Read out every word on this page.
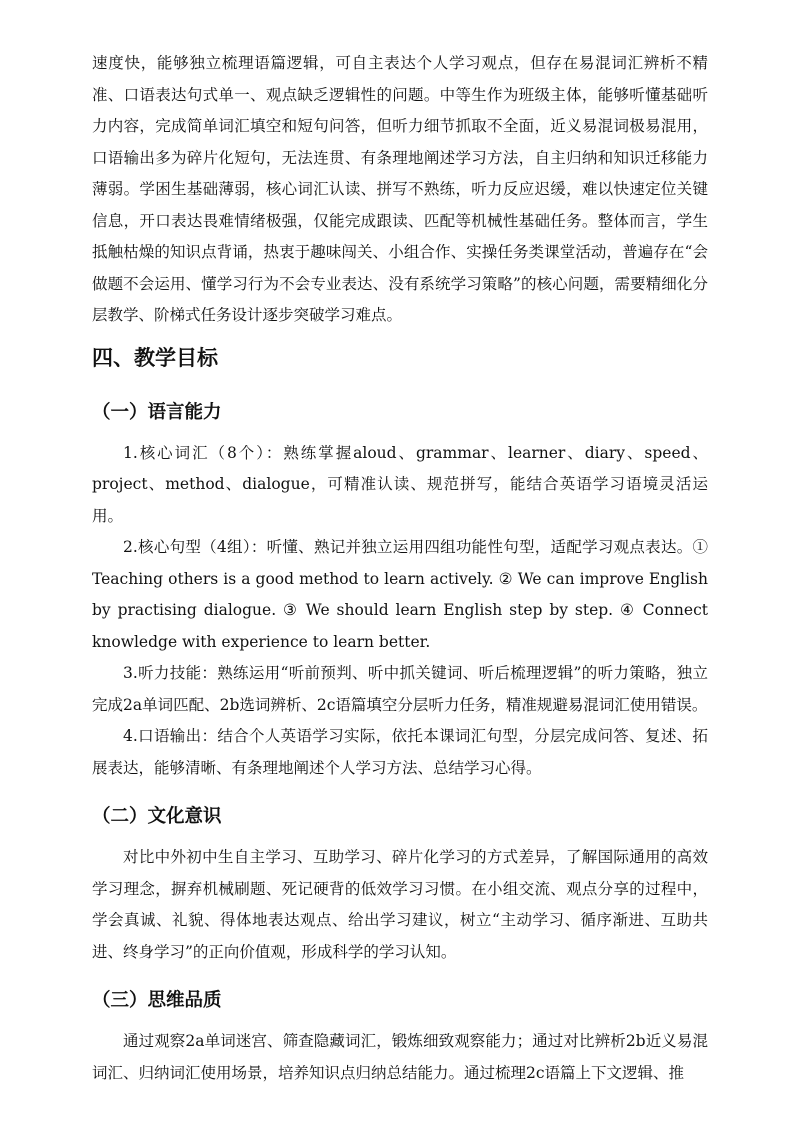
速度快，能够独立梳理语篇逻辑，可自主表达个人学习观点，但存在易混词汇辨析不精准、口语表达句式单一、观点缺乏逻辑性的问题。中等生作为班级主体，能够听懂基础听力内容，完成简单词汇填空和短句问答，但听力细节抓取不全面，近义易混词极易混用，口语输出多为碎片化短句，无法连贯、有条理地阐述学习方法，自主归纳和知识迁移能力薄弱。学困生基础薄弱，核心词汇认读、拼写不熟练，听力反应迟缓，难以快速定位关键信息，开口表达畏难情绪极强，仅能完成跟读、匹配等机械性基础任务。整体而言，学生抵触枯燥的知识点背诵，热衷于趣味闯关、小组合作、实操任务类课堂活动，普遍存在“会做题不会运用、懂学习行为不会专业表达、没有系统学习策略”的核心问题，需要精细化分层教学、阶梯式任务设计逐步突破学习难点。

四、教学目标
（一）语言能力

1.核心词汇（8个）：熟练掌握aloud、grammar、learner、diary、speed、project、method、dialogue，可精准认读、规范拼写，能结合英语学习语境灵活运用。

2.核心句型（4组）：听懂、熟记并独立运用四组功能性句型，适配学习观点表达。① Teaching others is a good method to learn actively. ② We can improve English by practising dialogue. ③ We should learn English step by step. ④ Connect knowledge with experience to learn better.

3.听力技能：熟练运用“听前预判、听中抓关键词、听后梳理逻辑”的听力策略，独立完成2a单词匹配、2b选词辨析、2c语篇填空分层听力任务，精准规避易混词汇使用错误。

4.口语输出：结合个人英语学习实际，依托本课词汇句型，分层完成问答、复述、拓展表达，能够清晰、有条理地阐述个人学习方法、总结学习心得。

（二）文化意识

对比中外初中生自主学习、互助学习、碎片化学习的方式差异，了解国际通用的高效学习理念，摒弃机械刷题、死记硬背的低效学习习惯。在小组交流、观点分享的过程中，学会真诚、礼貌、得体地表达观点、给出学习建议，树立“主动学习、循序渐进、互助共进、终身学习”的正向价值观，形成科学的学习认知。

（三）思维品质

通过观察2a单词迷宫、筛查隐藏词汇，锻炼细致观察能力；通过对比辨析2b近义易混词汇、归纳词汇使用场景，培养知识点归纳总结能力。通过梳理2c语篇上下文逻辑、推
